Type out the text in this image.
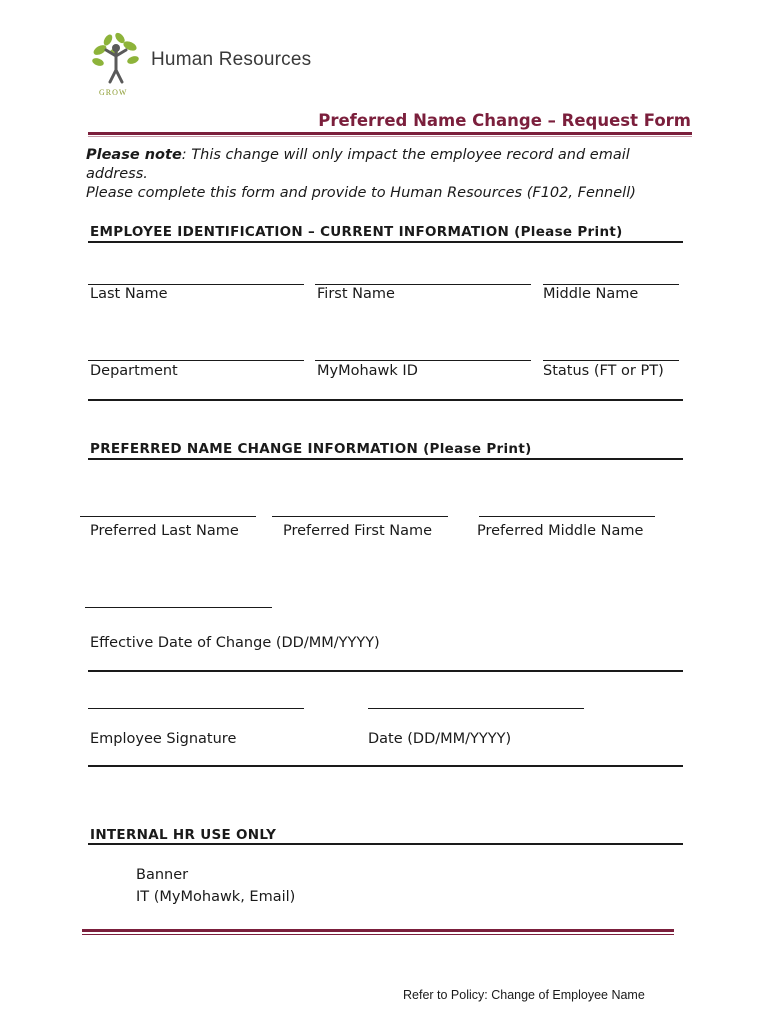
Human Resources
GROW
Preferred Name Change – Request Form
Please note: This change will only impact the employee record and email address.
Please complete this form and provide to Human Resources (F102, Fennell)
EMPLOYEE IDENTIFICATION – CURRENT INFORMATION (Please Print)
Last Name	First Name	Middle Name
Department	MyMohawk ID	Status (FT or PT)
PREFERRED NAME CHANGE INFORMATION (Please Print)
Preferred Last Name	Preferred First Name	Preferred Middle Name
Effective Date of Change (DD/MM/YYYY)
Employee Signature	Date (DD/MM/YYYY)
INTERNAL HR USE ONLY
Banner
IT (MyMohawk, Email)
Refer to Policy: Change of Employee Name
